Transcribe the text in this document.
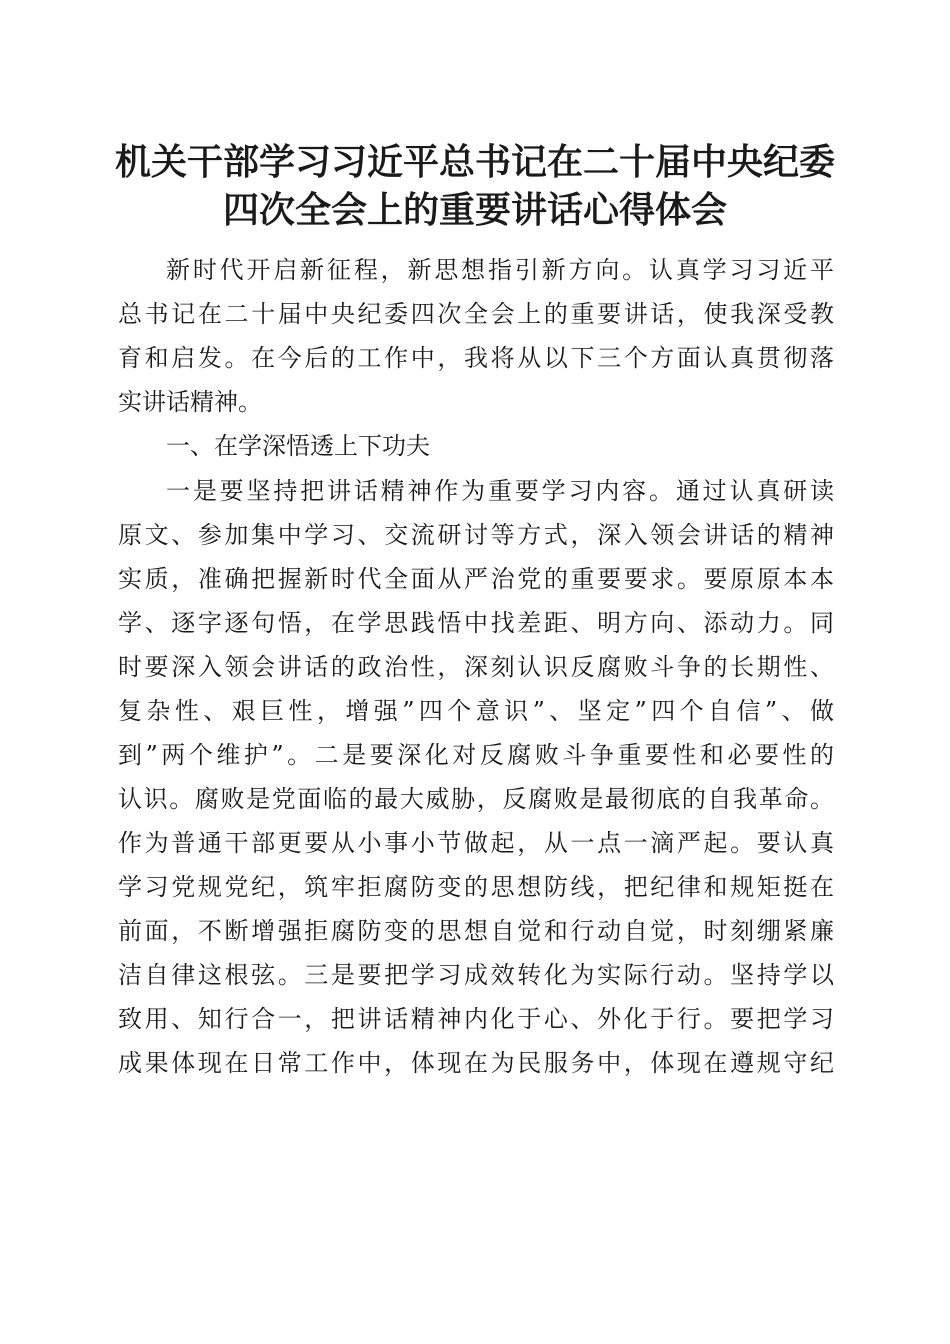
机关干部学习习近平总书记在二十届中央纪委
四次全会上的重要讲话心得体会
新时代开启新征程，新思想指引新方向。认真学习习近平
总书记在二十届中央纪委四次全会上的重要讲话，使我深受教
育和启发。在今后的工作中，我将从以下三个方面认真贯彻落
实讲话精神。
一、在学深悟透上下功夫
一是要坚持把讲话精神作为重要学习内容。通过认真研读
原文、参加集中学习、交流研讨等方式，深入领会讲话的精神
实质，准确把握新时代全面从严治党的重要要求。要原原本本
学、逐字逐句悟，在学思践悟中找差距、明方向、添动力。同
时要深入领会讲话的政治性，深刻认识反腐败斗争的长期性、
复杂性、艰巨性，增强”四个意识”、坚定”四个自信”、做
到”两个维护”。二是要深化对反腐败斗争重要性和必要性的
认识。腐败是党面临的最大威胁，反腐败是最彻底的自我革命。
作为普通干部更要从小事小节做起，从一点一滴严起。要认真
学习党规党纪，筑牢拒腐防变的思想防线，把纪律和规矩挺在
前面，不断增强拒腐防变的思想自觉和行动自觉，时刻绷紧廉
洁自律这根弦。三是要把学习成效转化为实际行动。坚持学以
致用、知行合一，把讲话精神内化于心、外化于行。要把学习
成果体现在日常工作中，体现在为民服务中，体现在遵规守纪
